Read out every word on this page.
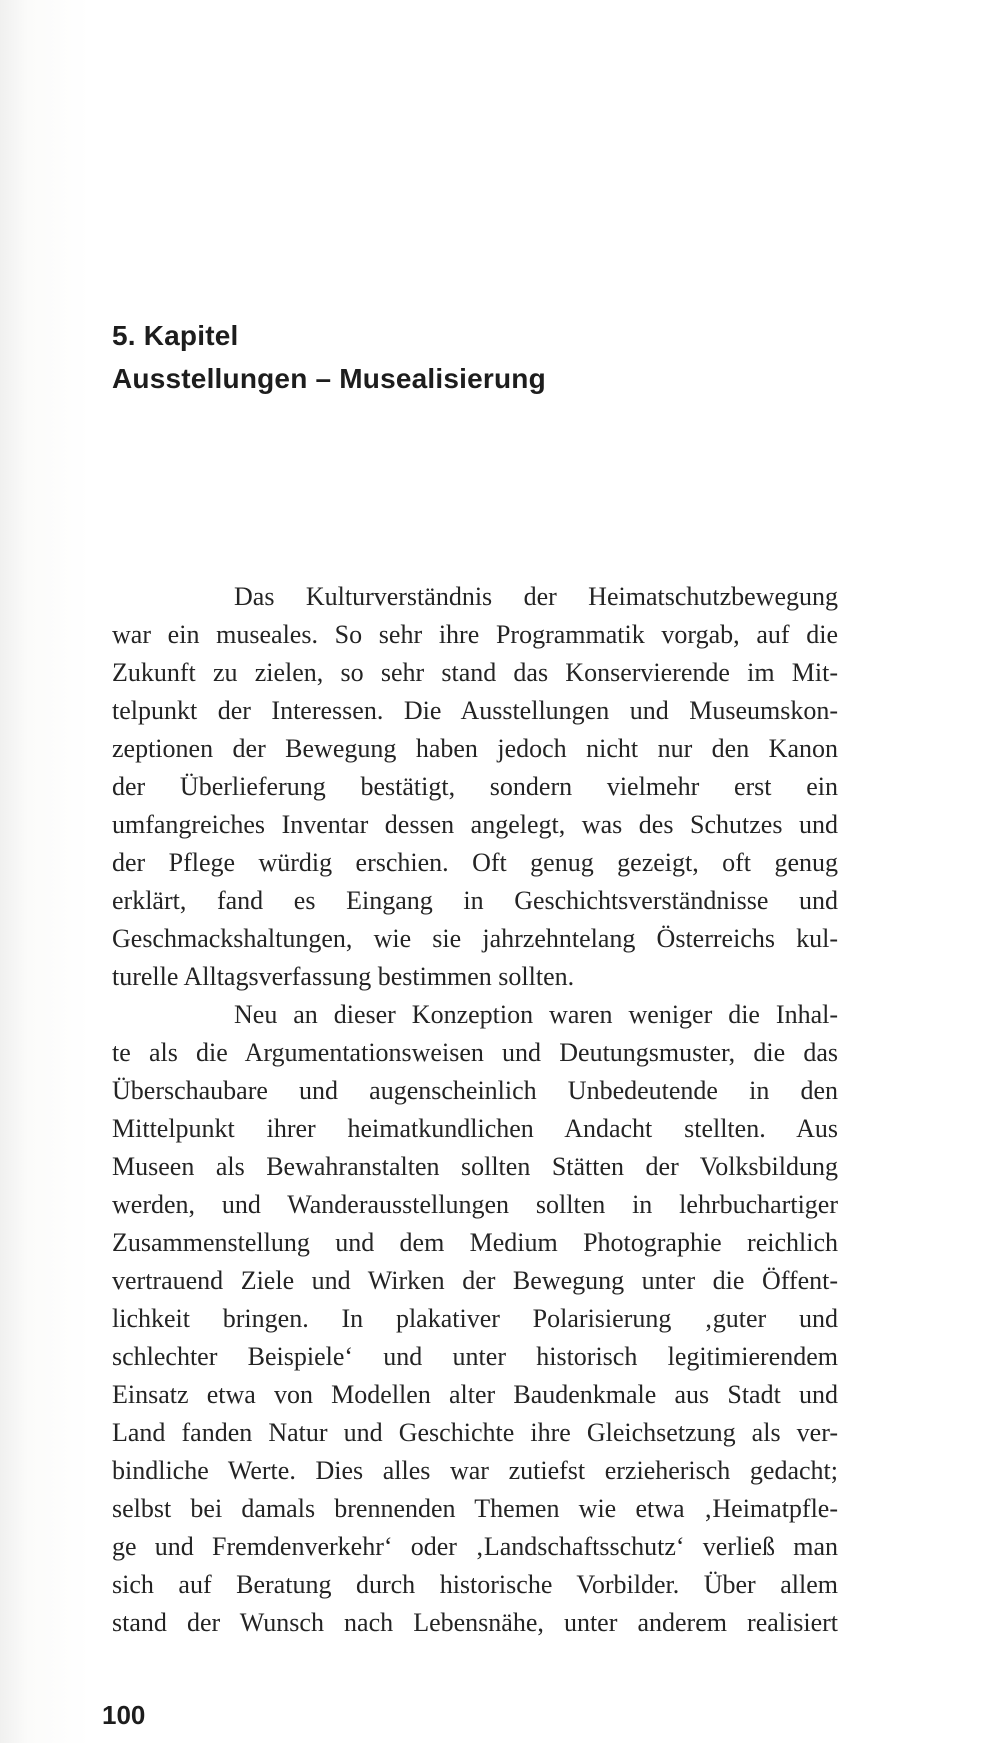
5. Kapitel
Ausstellungen – Musealisierung
Das Kulturverständnis der Heimatschutzbewegung
war ein museales. So sehr ihre Programmatik vorgab, auf die
Zukunft zu zielen, so sehr stand das Konservierende im Mit-
telpunkt der Interessen. Die Ausstellungen und Museumskon-
zeptionen der Bewegung haben jedoch nicht nur den Kanon
der Überlieferung bestätigt, sondern vielmehr erst ein
umfangreiches Inventar dessen angelegt, was des Schutzes und
der Pflege würdig erschien. Oft genug gezeigt, oft genug
erklärt, fand es Eingang in Geschichtsverständnisse und
Geschmackshaltungen, wie sie jahrzehntelang Österreichs kul-
turelle Alltagsverfassung bestimmen sollten.
Neu an dieser Konzeption waren weniger die Inhal-
te als die Argumentationsweisen und Deutungsmuster, die das
Überschaubare und augenscheinlich Unbedeutende in den
Mittelpunkt ihrer heimatkundlichen Andacht stellten. Aus
Museen als Bewahranstalten sollten Stätten der Volksbildung
werden, und Wanderausstellungen sollten in lehrbuchartiger
Zusammenstellung und dem Medium Photographie reichlich
vertrauend Ziele und Wirken der Bewegung unter die Öffent-
lichkeit bringen. In plakativer Polarisierung ‚guter und
schlechter Beispiele‘ und unter historisch legitimierendem
Einsatz etwa von Modellen alter Baudenkmale aus Stadt und
Land fanden Natur und Geschichte ihre Gleichsetzung als ver-
bindliche Werte. Dies alles war zutiefst erzieherisch gedacht;
selbst bei damals brennenden Themen wie etwa ‚Heimatpfle-
ge und Fremdenverkehr‘ oder ‚Landschaftsschutz‘ verließ man
sich auf Beratung durch historische Vorbilder. Über allem
stand der Wunsch nach Lebensnähe, unter anderem realisiert
100
